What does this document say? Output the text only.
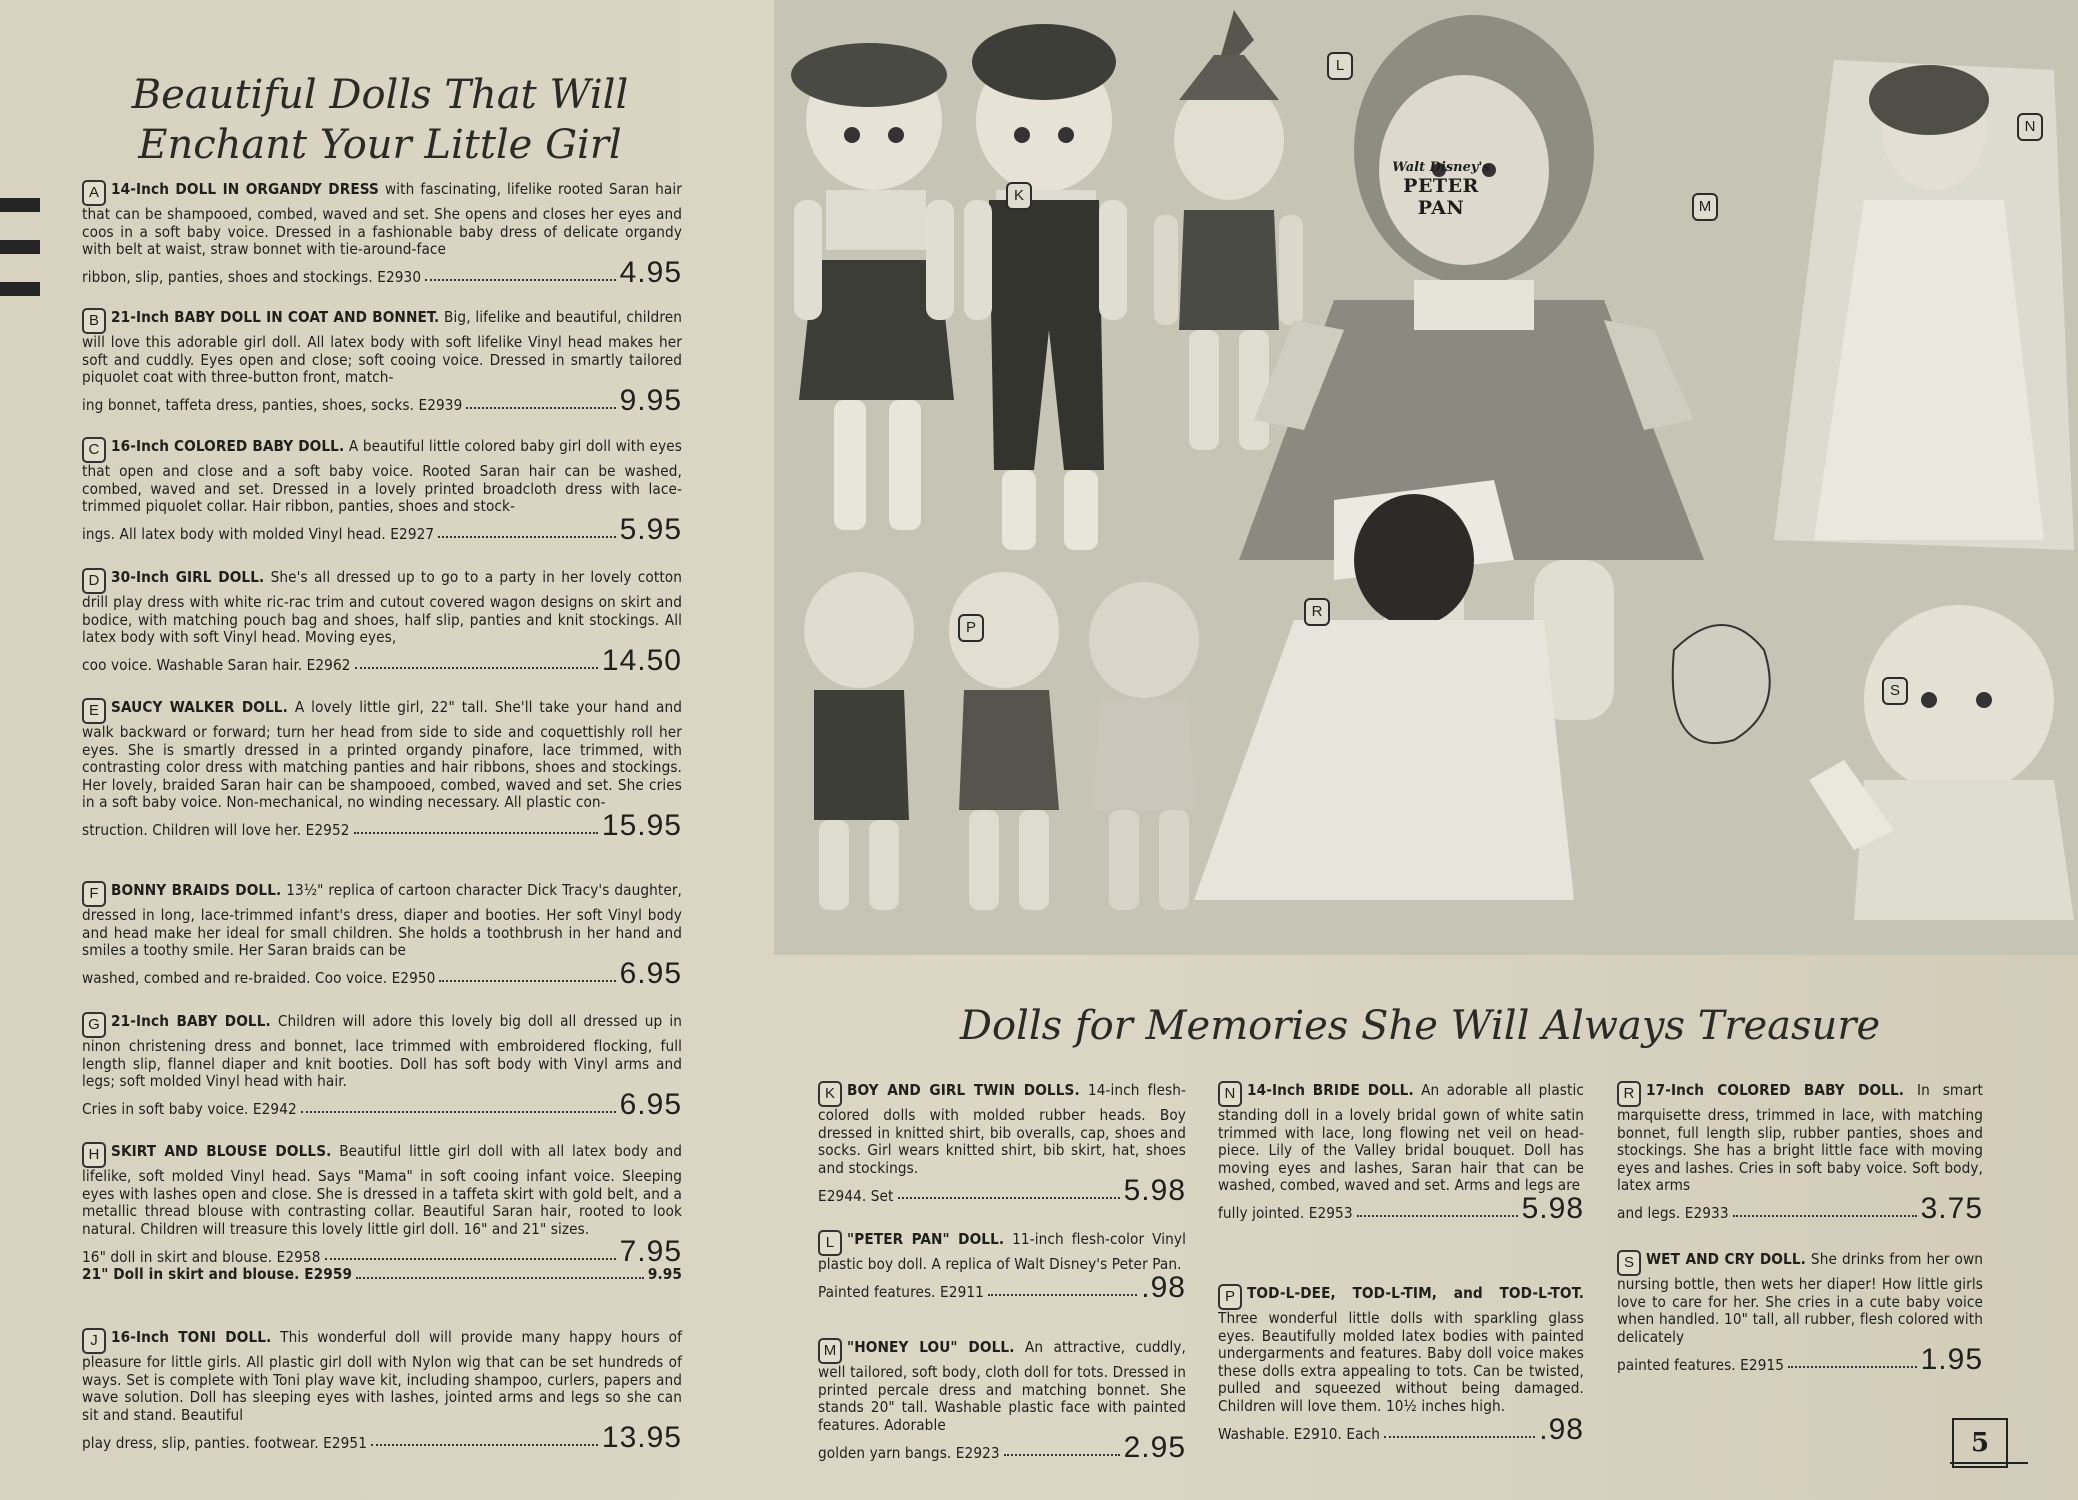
Beautiful Dolls That Will
Enchant Your Little Girl
A 14-Inch DOLL IN ORGANDY DRESS with fascinating, lifelike rooted Saran hair that can be shampooed, combed, waved and set. She opens and closes her eyes and coos in a soft baby voice. Dressed in a fashionable baby dress of delicate organdy with belt at waist, straw bonnet with tie-around-face
ribbon, slip, panties, shoes and stockings. E2930	4.95
B 21-Inch BABY DOLL IN COAT AND BONNET. Big, lifelike and beautiful, children will love this adorable girl doll. All latex body with soft lifelike Vinyl head makes her soft and cuddly. Eyes open and close; soft cooing voice. Dressed in smartly tailored piquolet coat with three-button front, match-
ing bonnet, taffeta dress, panties, shoes, socks. E2939	9.95
C 16-Inch COLORED BABY DOLL. A beautiful little colored baby girl doll with eyes that open and close and a soft baby voice. Rooted Saran hair can be washed, combed, waved and set. Dressed in a lovely printed broadcloth dress with lace-trimmed piquolet collar. Hair ribbon, panties, shoes and stock-
ings. All latex body with molded Vinyl head. E2927	5.95
D 30-Inch GIRL DOLL. She's all dressed up to go to a party in her lovely cotton drill play dress with white ric-rac trim and cutout covered wagon designs on skirt and bodice, with matching pouch bag and shoes, half slip, panties and knit stockings. All latex body with soft Vinyl head. Moving eyes,
coo voice. Washable Saran hair. E2962	14.50
E SAUCY WALKER DOLL. A lovely little girl, 22" tall. She'll take your hand and walk backward or forward; turn her head from side to side and coquettishly roll her eyes. She is smartly dressed in a printed organdy pinafore, lace trimmed, with contrasting color dress with matching panties and hair ribbons, shoes and stockings. Her lovely, braided Saran hair can be shampooed, combed, waved and set. She cries in a soft baby voice. Non-mechanical, no winding necessary. All plastic con-
struction. Children will love her. E2952	15.95
F BONNY BRAIDS DOLL. 13½" replica of cartoon character Dick Tracy's daughter, dressed in long, lace-trimmed infant's dress, diaper and booties. Her soft Vinyl body and head make her ideal for small children. She holds a toothbrush in her hand and smiles a toothy smile. Her Saran braids can be
washed, combed and re-braided. Coo voice. E2950	6.95
G 21-Inch BABY DOLL. Children will adore this lovely big doll all dressed up in ninon christening dress and bonnet, lace trimmed with embroidered flocking, full length slip, flannel diaper and knit booties. Doll has soft body with Vinyl arms and legs; soft molded Vinyl head with hair.
Cries in soft baby voice. E2942	6.95
H SKIRT AND BLOUSE DOLLS. Beautiful little girl doll with all latex body and lifelike, soft molded Vinyl head. Says "Mama" in soft cooing infant voice. Sleeping eyes with lashes open and close. She is dressed in a taffeta skirt with gold belt, and a metallic thread blouse with contrasting collar. Beautiful Saran hair, rooted to look natural. Children will treasure this lovely little girl doll. 16" and 21" sizes.
16" doll in skirt and blouse. E2958	7.95
21" Doll in skirt and blouse. E2959	9.95
J 16-Inch TONI DOLL. This wonderful doll will provide many happy hours of pleasure for little girls. All plastic girl doll with Nylon wig that can be set hundreds of ways. Set is complete with Toni play wave kit, including shampoo, curlers, papers and wave solution. Doll has sleeping eyes with lashes, jointed arms and legs so she can sit and stand. Beautiful
play dress, slip, panties. footwear. E2951	13.95
K
L
M
N
P
R
S
Walt Disney's
PETER PAN
Dolls for Memories She Will Always Treasure
K BOY AND GIRL TWIN DOLLS. 14-inch flesh-colored dolls with molded rubber heads. Boy dressed in knitted shirt, bib overalls, cap, shoes and socks. Girl wears knitted shirt, bib skirt, hat, shoes and stockings.
E2944. Set	5.98
L "PETER PAN" DOLL. 11-inch flesh-color Vinyl plastic boy doll. A replica of Walt Disney's Peter Pan.
Painted features. E2911	.98
M "HONEY LOU" DOLL. An attractive, cuddly, well tailored, soft body, cloth doll for tots. Dressed in printed percale dress and matching bonnet. She stands 20" tall. Washable plastic face with painted features. Adorable
golden yarn bangs. E2923	2.95
N 14-Inch BRIDE DOLL. An adorable all plastic standing doll in a lovely bridal gown of white satin trimmed with lace, long flowing net veil on head-piece. Lily of the Valley bridal bouquet. Doll has moving eyes and lashes, Saran hair that can be washed, combed, waved and set. Arms and legs are
fully jointed. E2953	5.98
P TOD-L-DEE, TOD-L-TIM, and TOD-L-TOT. Three wonderful little dolls with sparkling glass eyes. Beautifully molded latex bodies with painted undergarments and features. Baby doll voice makes these dolls extra appealing to tots. Can be twisted, pulled and squeezed without being damaged. Children will love them. 10½ inches high.
Washable. E2910. Each	.98
R 17-Inch COLORED BABY DOLL. In smart marquisette dress, trimmed in lace, with matching bonnet, full length slip, rubber panties, shoes and stockings. She has a bright little face with moving eyes and lashes. Cries in soft baby voice. Soft body, latex arms
and legs. E2933	3.75
S WET AND CRY DOLL. She drinks from her own nursing bottle, then wets her diaper! How little girls love to care for her. She cries in a cute baby voice when handled. 10" tall, all rubber, flesh colored with delicately
painted features. E2915	1.95
5
